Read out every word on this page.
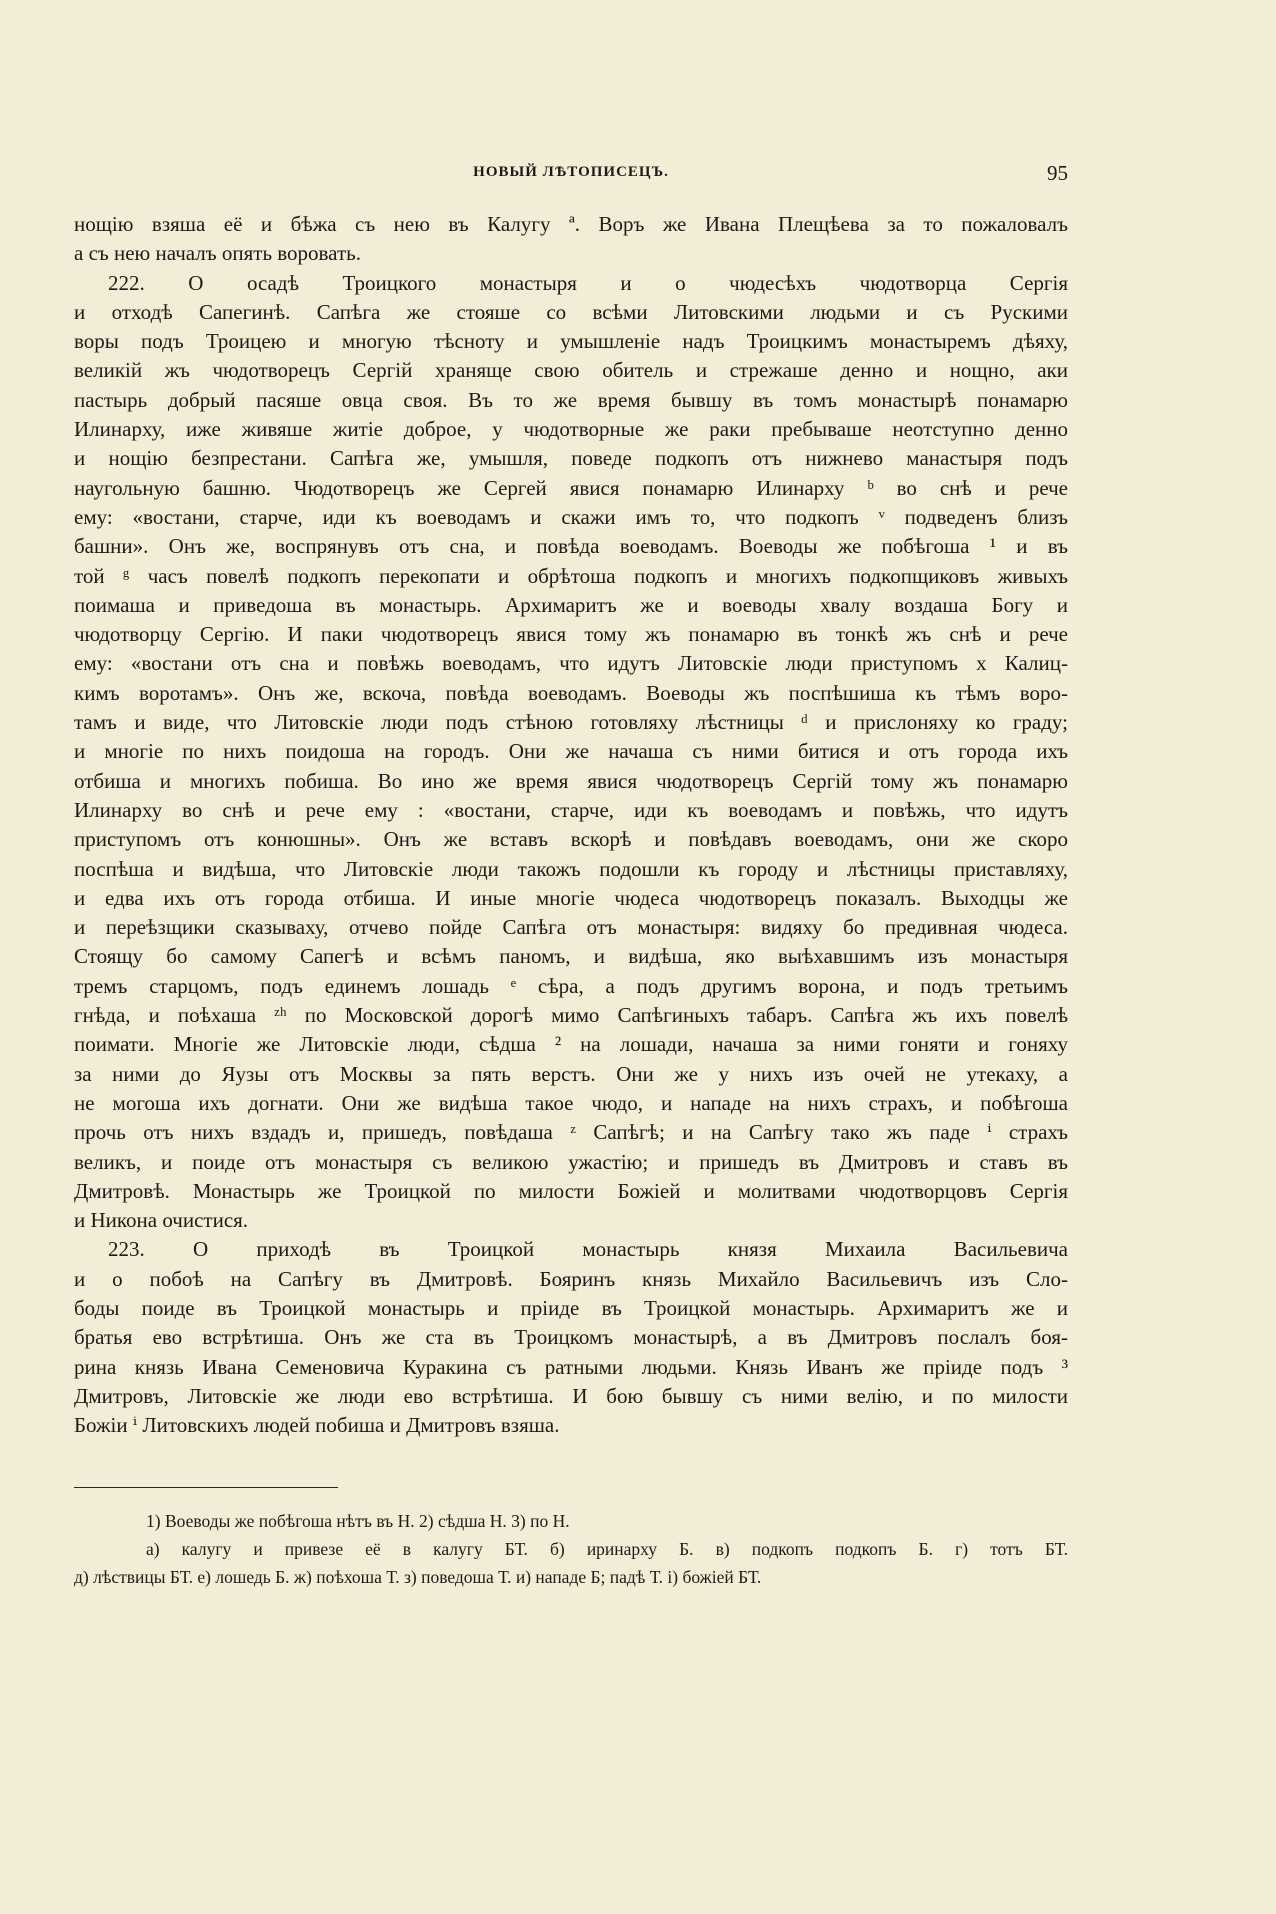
НОВЫЙ ЛѢТОПИСЕЦЪ.	95
нощію взяша её и бѣжа съ нею въ Калугу ª. Воръ же Ивана Плещѣева за то пожаловалъ
а съ нею началъ опять воровать.
222. О осадѣ Троицкого монастыря и о чюдесѣхъ чюдотворца Сергія
и отходѣ Сапегинѣ. Сапѣга же стояше со всѣми Литовскими людьми и съ Рускими
воры подъ Троицею и многую тѣсноту и умышленіе надъ Троицкимъ монастыремъ дѣяху,
великій жъ чюдотворецъ Сергій храняще свою обитель и стрежаше денно и нощно, аки
пастырь добрый пасяше овца своя. Въ то же время бывшу въ томъ монастырѣ понамарю
Илинарху, иже живяше житіе доброе, у чюдотворные же раки пребываше неотступно денно
и нощію безпрестани. Сапѣга же, умышля, поведе подкопъ отъ нижнево манастыря подъ
наугольную башню. Чюдотворецъ же Сергей явися понамарю Илинарху ᵇ во снѣ и рече
ему: «востани, старче, иди къ воеводамъ и скажи имъ то, что подкопъ ᵛ подведенъ близъ
башни». Онъ же, воспрянувъ отъ сна, и повѣда воеводамъ. Воеводы же побѣгоша ¹ и въ
той ᵍ часъ повелѣ подкопъ перекопати и обрѣтоша подкопъ и многихъ подкопщиковъ живыхъ
поимаша и приведоша въ монастырь. Архимаритъ же и воеводы хвалу воздаша Богу и
чюдотворцу Сергію. И паки чюдотворецъ явися тому жъ понамарю въ тонкѣ жъ снѣ и рече
ему: «востани отъ сна и повѣжь воеводамъ, что идутъ Литовскіе люди приступомъ х Калиц-
кимъ воротамъ». Онъ же, вскоча, повѣда воеводамъ. Воеводы жъ поспѣшиша къ тѣмъ воро-
тамъ и виде, что Литовскіе люди подъ стѣною готовляху лѣстницы ᵈ и прислоняху ко граду;
и многіе по нихъ поидоша на городъ. Они же начаша съ ними битися и отъ города ихъ
отбиша и многихъ побиша. Во ино же время явися чюдотворецъ Сергій тому жъ понамарю
Илинарху во снѣ и рече ему : «востани, старче, иди къ воеводамъ и повѣжь, что идутъ
приступомъ отъ конюшны». Онъ же вставъ вскорѣ и повѣдавъ воеводамъ, они же скоро
поспѣша и видѣша, что Литовскіе люди такожъ подошли къ городу и лѣстницы приставляху,
и едва ихъ отъ города отбиша. И иные многіе чюдеса чюдотворецъ показалъ. Выходцы же
и переѣзщики сказываху, отчево пойде Сапѣга отъ монастыря: видяху бо предивная чюдеса.
Стоящу бо самому Сапегѣ и всѣмъ паномъ, и видѣша, яко выѣхавшимъ изъ монастыря
тремъ старцомъ, подъ единемъ лошадь ᵉ сѣра, а подъ другимъ ворона, и подъ третьимъ
гнѣда, и поѣхаша ᶻʰ по Московской дорогѣ мимо Сапѣгиныхъ табаръ. Сапѣга жъ ихъ повелѣ
поимати. Многіе же Литовскіе люди, сѣдша ² на лошади, начаша за ними гоняти и гоняху
за ними до Яузы отъ Москвы за пять верстъ. Они же у нихъ изъ очей не утекаху, а
не могоша ихъ догнати. Они же видѣша такое чюдо, и нападе на нихъ страхъ, и побѣгоша
прочь отъ нихъ вздадъ и, пришедъ, повѣдаша ᶻ Сапѣгѣ; и на Сапѣгу тако жъ паде ⁱ страхъ
великъ, и поиде отъ монастыря съ великою ужастію; и пришедъ въ Дмитровъ и ставъ въ
Дмитровѣ. Монастырь же Троицкой по милости Божіей и молитвами чюдотворцовъ Сергія
и Никона очистися.
223. О приходѣ въ Троицкой монастырь князя Михаила Васильевича
и о побоѣ на Сапѣгу въ Дмитровѣ. Бояринъ князь Михайло Васильевичъ изъ Сло-
боды поиде въ Троицкой монастырь и пріиде въ Троицкой монастырь. Архимаритъ же и
братья ево встрѣтиша. Онъ же ста въ Троицкомъ монастырѣ, а въ Дмитровъ послалъ боя-
рина князь Ивана Семеновича Куракина съ ратными людьми. Князь Иванъ же пріиде подъ ³
Дмитровъ, Литовскіе же люди ево встрѣтиша. И бою бывшу съ ними велію, и по милости
Божіи ⁱ Литовскихъ людей побиша и Дмитровъ взяша.
1) Воеводы же побѣгоша нѣтъ въ Н. 2) сѣдша Н. 3) по Н.
а) калугу и привезе её в калугу БТ. б) иринарху Б. в) подкопъ подкопъ Б. г) тотъ БТ.
д) лѣствицы БТ. е) лошедь Б. ж) поѣхоша Т. з) поведоша Т. и) нападе Б; падѣ Т. і) божіей БТ.
